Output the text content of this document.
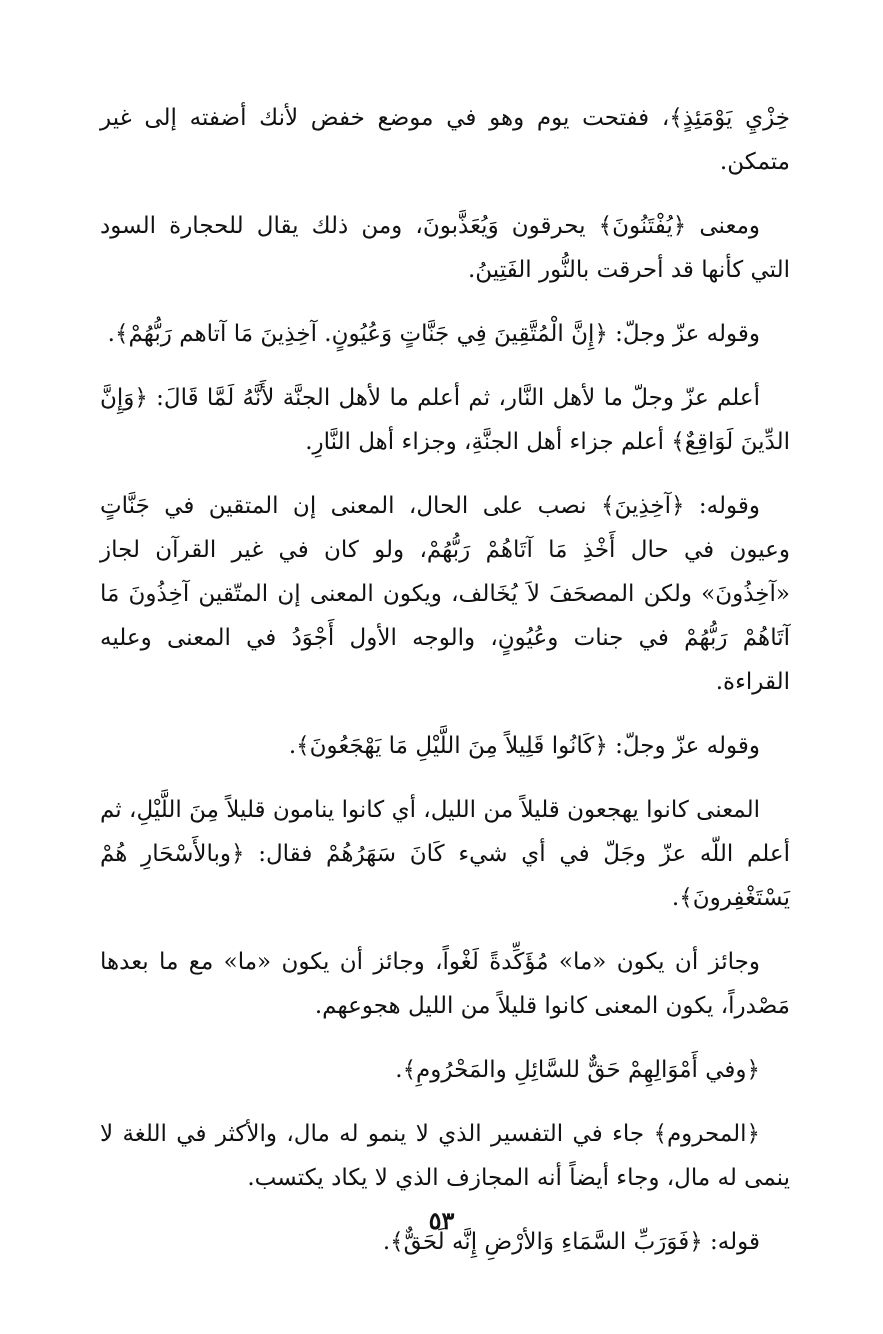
خِزْيِ يَوْمَئِذٍ﴾، ففتحت يوم وهو في موضع خفض لأنك أضفته إلى غير متمكن.

ومعنى ﴿يُفْتَنُونَ﴾ يحرقون وَيُعَذَّبونَ، ومن ذلك يقال للحجارة السود التي كأنها قد أحرقت بالنُّور الفَتِينُ.

وقوله عزّ وجلّ: ﴿إِنَّ الْمُتَّقِينَ فِي جَنَّاتٍ وَعُيُونٍ. آخِذِينَ مَا آتاهم رَبُّهُمْ﴾.

أعلم عزّ وجلّ ما لأهل النَّار، ثم أعلم ما لأهل الجنَّة لأَنَّهُ لَمَّا قَالَ: ﴿وَإِنَّ الدِّينَ لَوَاقِعٌ﴾ أعلم جزاء أهل الجنَّةِ، وجزاء أهل النَّارِ.

وقوله: ﴿آخِذِينَ﴾ نصب على الحال، المعنى إن المتقين في جَنَّاتٍ وعيون في حال أَخْذِ مَا آتَاهُمْ رَبُّهُمْ، ولو كان في غير القرآن لجاز «آخِذُونَ» ولكن المصحَفَ لاَ يُخَالف، ويكون المعنى إن المتّقين آخِذُونَ مَا آتَاهُمْ رَبُّهُمْ في جنات وعُيُونٍ، والوجه الأول أَجْوَدُ في المعنى وعليه القراءة.

وقوله عزّ وجلّ: ﴿كَانُوا قَلِيلاً مِنَ اللَّيْلِ مَا يَهْجَعُونَ﴾.

المعنى كانوا يهجعون قليلاً من الليل، أي كانوا ينامون قليلاً مِنَ اللَّيْلِ، ثم أعلم اللّه عزّ وجَلّ في أي شيء كَانَ سَهَرُهُمْ فقال: ﴿وبالأَسْحَارِ هُمْ يَسْتَغْفِرونَ﴾.

وجائز أن يكون «ما» مُؤَكِّدةً لَغْواً، وجائز أن يكون «ما» مع ما بعدها مَصْدراً، يكون المعنى كانوا قليلاً من الليل هجوعهم.

﴿وفي أَمْوَالِهِمْ حَقٌّ للسَّائِلِ والمَحْرُومِ﴾.

﴿المحروم﴾ جاء في التفسير الذي لا ينمو له مال، والأكثر في اللغة لا ينمى له مال، وجاء أيضاً أنه المجازف الذي لا يكاد يكتسب.

قوله: ﴿فَوَرَبِّ السَّمَاءِ وَالأرْضِ إِنَّه لَحَقٌّ﴾.

٥٣
